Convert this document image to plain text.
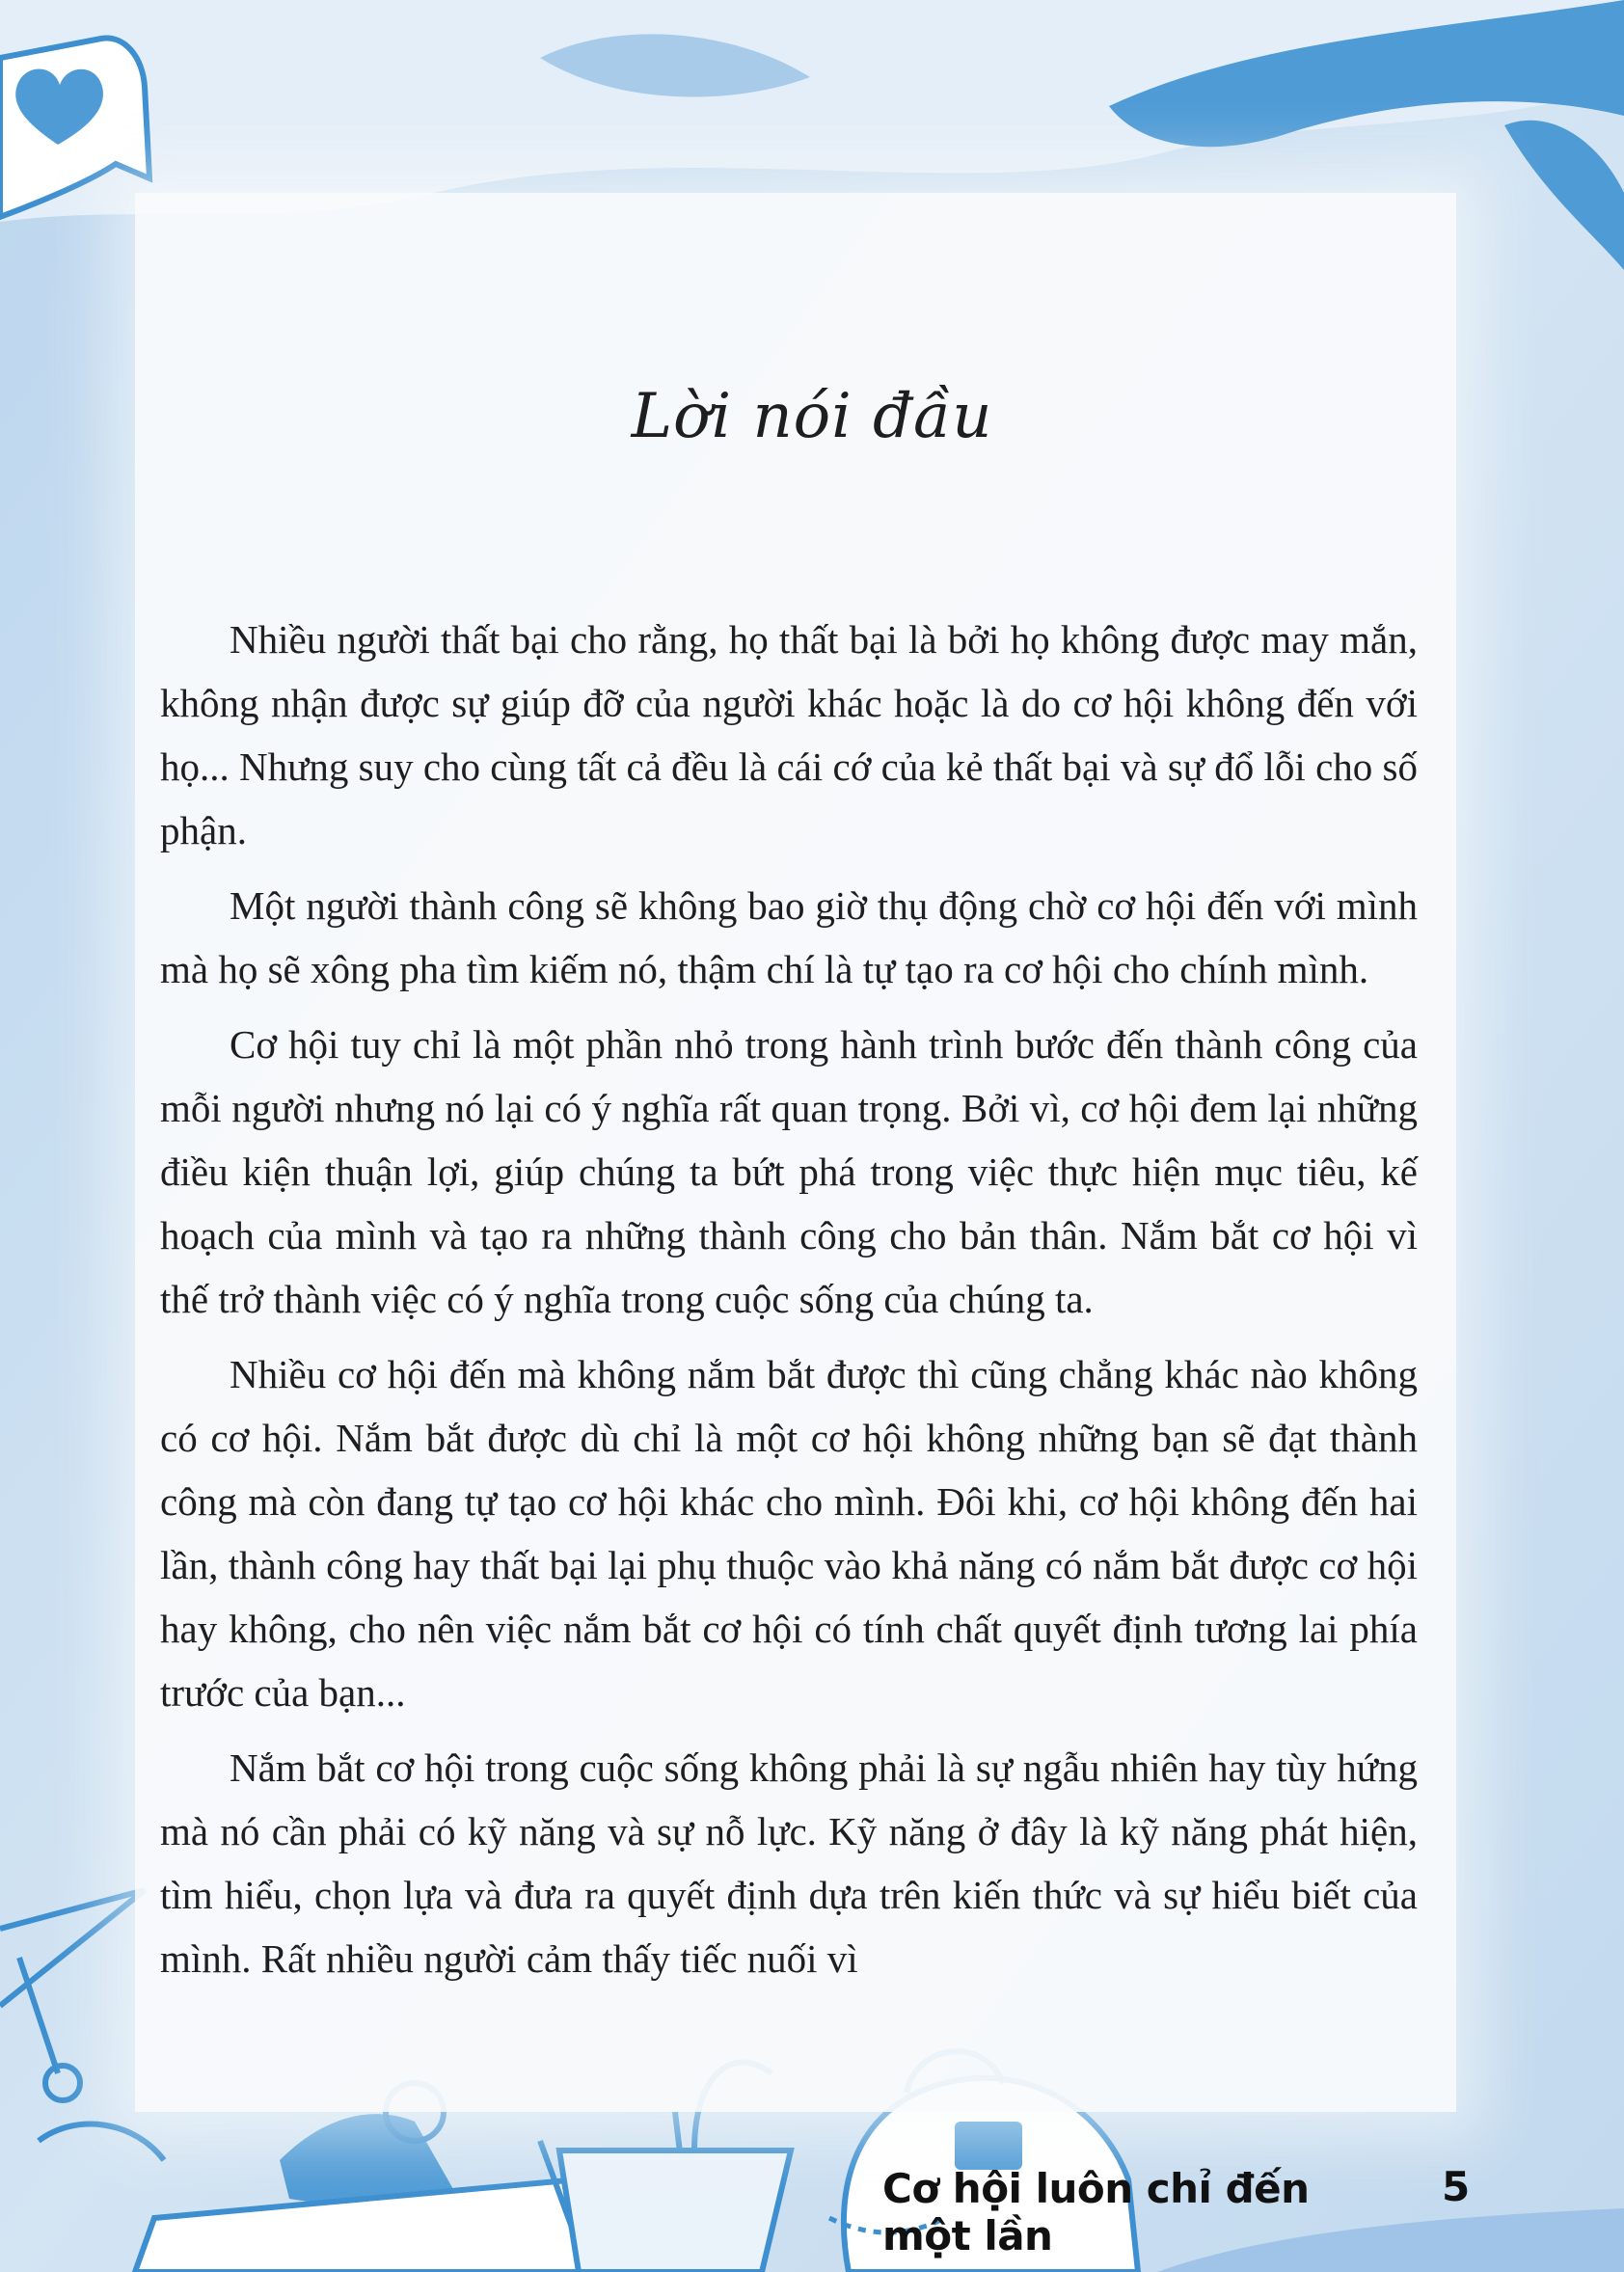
Lời nói đầu

Nhiều người thất bại cho rằng, họ thất bại là bởi họ không được may mắn, không nhận được sự giúp đỡ của người khác hoặc là do cơ hội không đến với họ... Nhưng suy cho cùng tất cả đều là cái cớ của kẻ thất bại và sự đổ lỗi cho số phận.

Một người thành công sẽ không bao giờ thụ động chờ cơ hội đến với mình mà họ sẽ xông pha tìm kiếm nó, thậm chí là tự tạo ra cơ hội cho chính mình.

Cơ hội tuy chỉ là một phần nhỏ trong hành trình bước đến thành công của mỗi người nhưng nó lại có ý nghĩa rất quan trọng. Bởi vì, cơ hội đem lại những điều kiện thuận lợi, giúp chúng ta bứt phá trong việc thực hiện mục tiêu, kế hoạch của mình và tạo ra những thành công cho bản thân. Nắm bắt cơ hội vì thế trở thành việc có ý nghĩa trong cuộc sống của chúng ta.

Nhiều cơ hội đến mà không nắm bắt được thì cũng chẳng khác nào không có cơ hội. Nắm bắt được dù chỉ là một cơ hội không những bạn sẽ đạt thành công mà còn đang tự tạo cơ hội khác cho mình. Đôi khi, cơ hội không đến hai lần, thành công hay thất bại lại phụ thuộc vào khả năng có nắm bắt được cơ hội hay không, cho nên việc nắm bắt cơ hội có tính chất quyết định tương lai phía trước của bạn...

Nắm bắt cơ hội trong cuộc sống không phải là sự ngẫu nhiên hay tùy hứng mà nó cần phải có kỹ năng và sự nỗ lực. Kỹ năng ở đây là kỹ năng phát hiện, tìm hiểu, chọn lựa và đưa ra quyết định dựa trên kiến thức và sự hiểu biết của mình. Rất nhiều người cảm thấy tiếc nuối vì

Cơ hội luôn chỉ đến một lần
5
